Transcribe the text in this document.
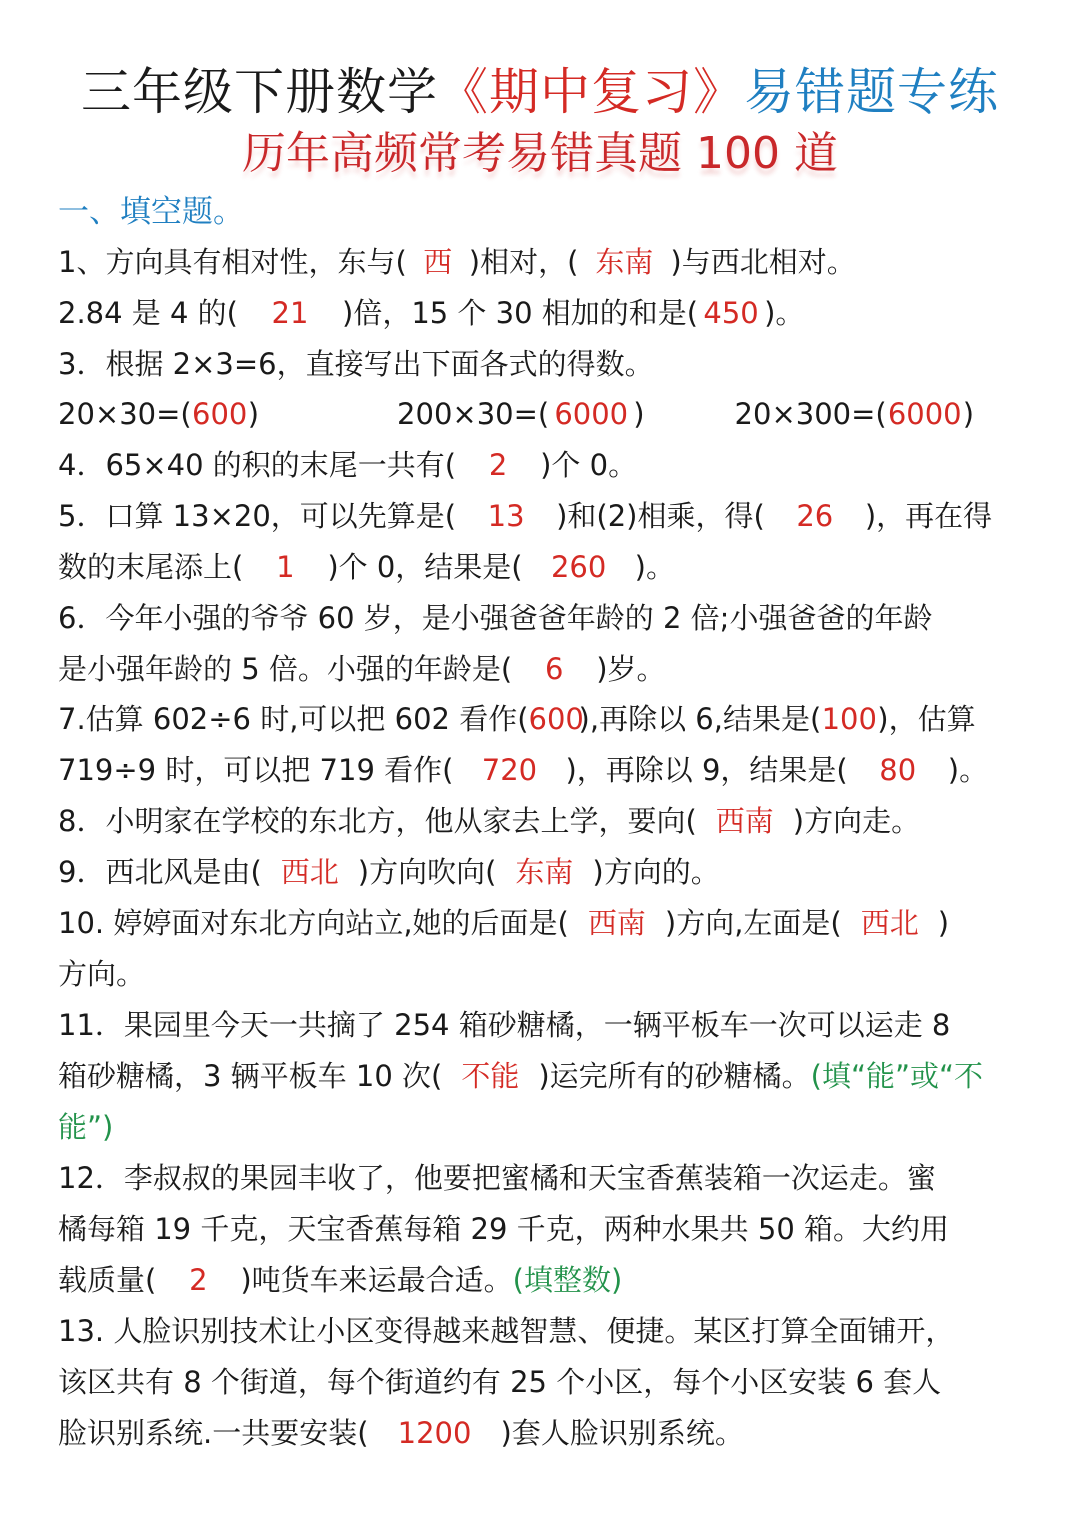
三年级下册数学《期中复习》易错题专练
历年高频常考易错真题 100 道
一、填空题。
1、方向具有相对性，东与( 西 )相对，( 东南 )与西北相对。
2.84 是 4 的( 21 )倍，15 个 30 相加的和是( 450 )。
3．根据 2×3=6，直接写出下面各式的得数。
20×30=(600)	200×30=( 6000 )	20×300=(6000)
4．65×40 的积的末尾一共有( 2 )个 0。
5．口算 13×20，可以先算是( 13 )和(2)相乘，得( 26 )，再在得
数的末尾添上( 1 )个 0，结果是( 260 )。
6．今年小强的爷爷 60 岁，是小强爸爸年龄的 2 倍;小强爸爸的年龄
是小强年龄的 5 倍。小强的年龄是( 6 )岁。
7.估算 602÷6 时,可以把 602 看作(600),再除以 6,结果是(100)，估算
719÷9 时，可以把 719 看作( 720 )，再除以 9，结果是( 80 )。
8．小明家在学校的东北方，他从家去上学，要向( 西南 )方向走。
9．西北风是由( 西北 )方向吹向( 东南 )方向的。
10. 婷婷面对东北方向站立,她的后面是( 西南 )方向,左面是( 西北 )
方向。
11．果园里今天一共摘了 254 箱砂糖橘，一辆平板车一次可以运走 8
箱砂糖橘，3 辆平板车 10 次( 不能 )运完所有的砂糖橘。(填“能”或“不
能”)
12．李叔叔的果园丰收了，他要把蜜橘和天宝香蕉装箱一次运走。蜜
橘每箱 19 千克，天宝香蕉每箱 29 千克，两种水果共 50 箱。大约用
载质量( 2 )吨货车来运最合适。(填整数)
13. 人脸识别技术让小区变得越来越智慧、便捷。某区打算全面铺开，
该区共有 8 个街道，每个街道约有 25 个小区，每个小区安装 6 套人
脸识别系统.一共要安装( 1200 )套人脸识别系统。
